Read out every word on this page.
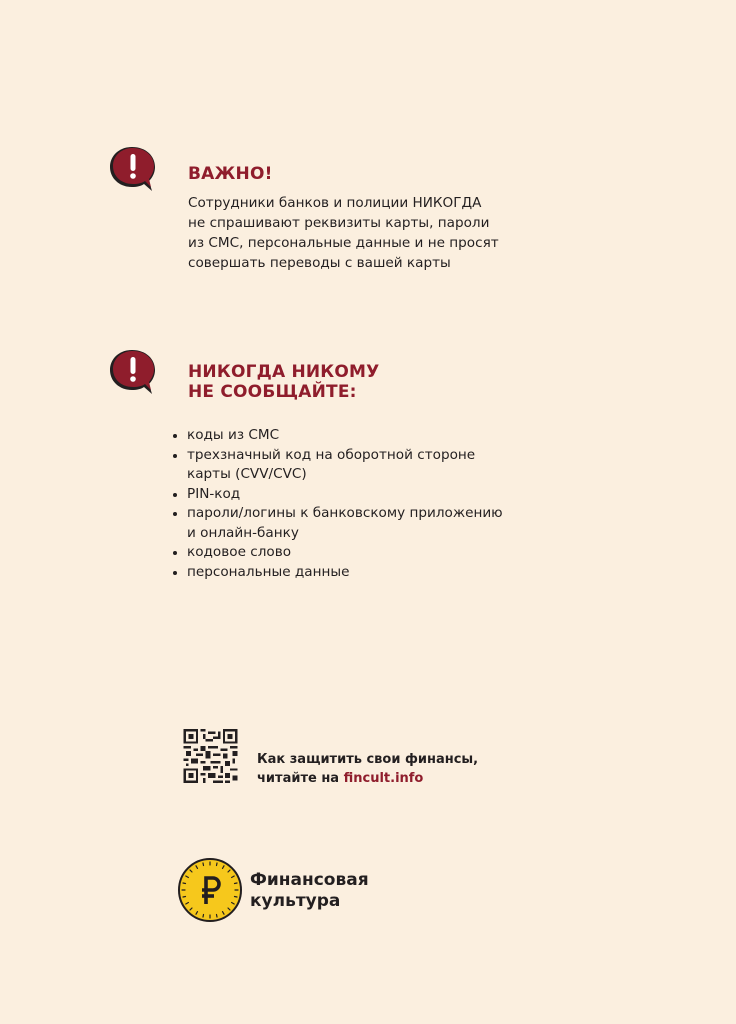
ВАЖНО!
Сотрудники банков и полиции НИКОГДА
не спрашивают реквизиты карты, пароли
из СМС, персональные данные и не просят
совершать переводы с вашей карты
НИКОГДА НИКОМУ
НЕ СООБЩАЙТЕ:
коды из СМС
трехзначный код на оборотной стороне
карты (CVV/CVC)
PIN-код
пароли/логины к банковскому приложению
и онлайн-банку
кодовое слово
персональные данные
Как защитить свои финансы,
читайте на fincult.info
Финансовая
культура
